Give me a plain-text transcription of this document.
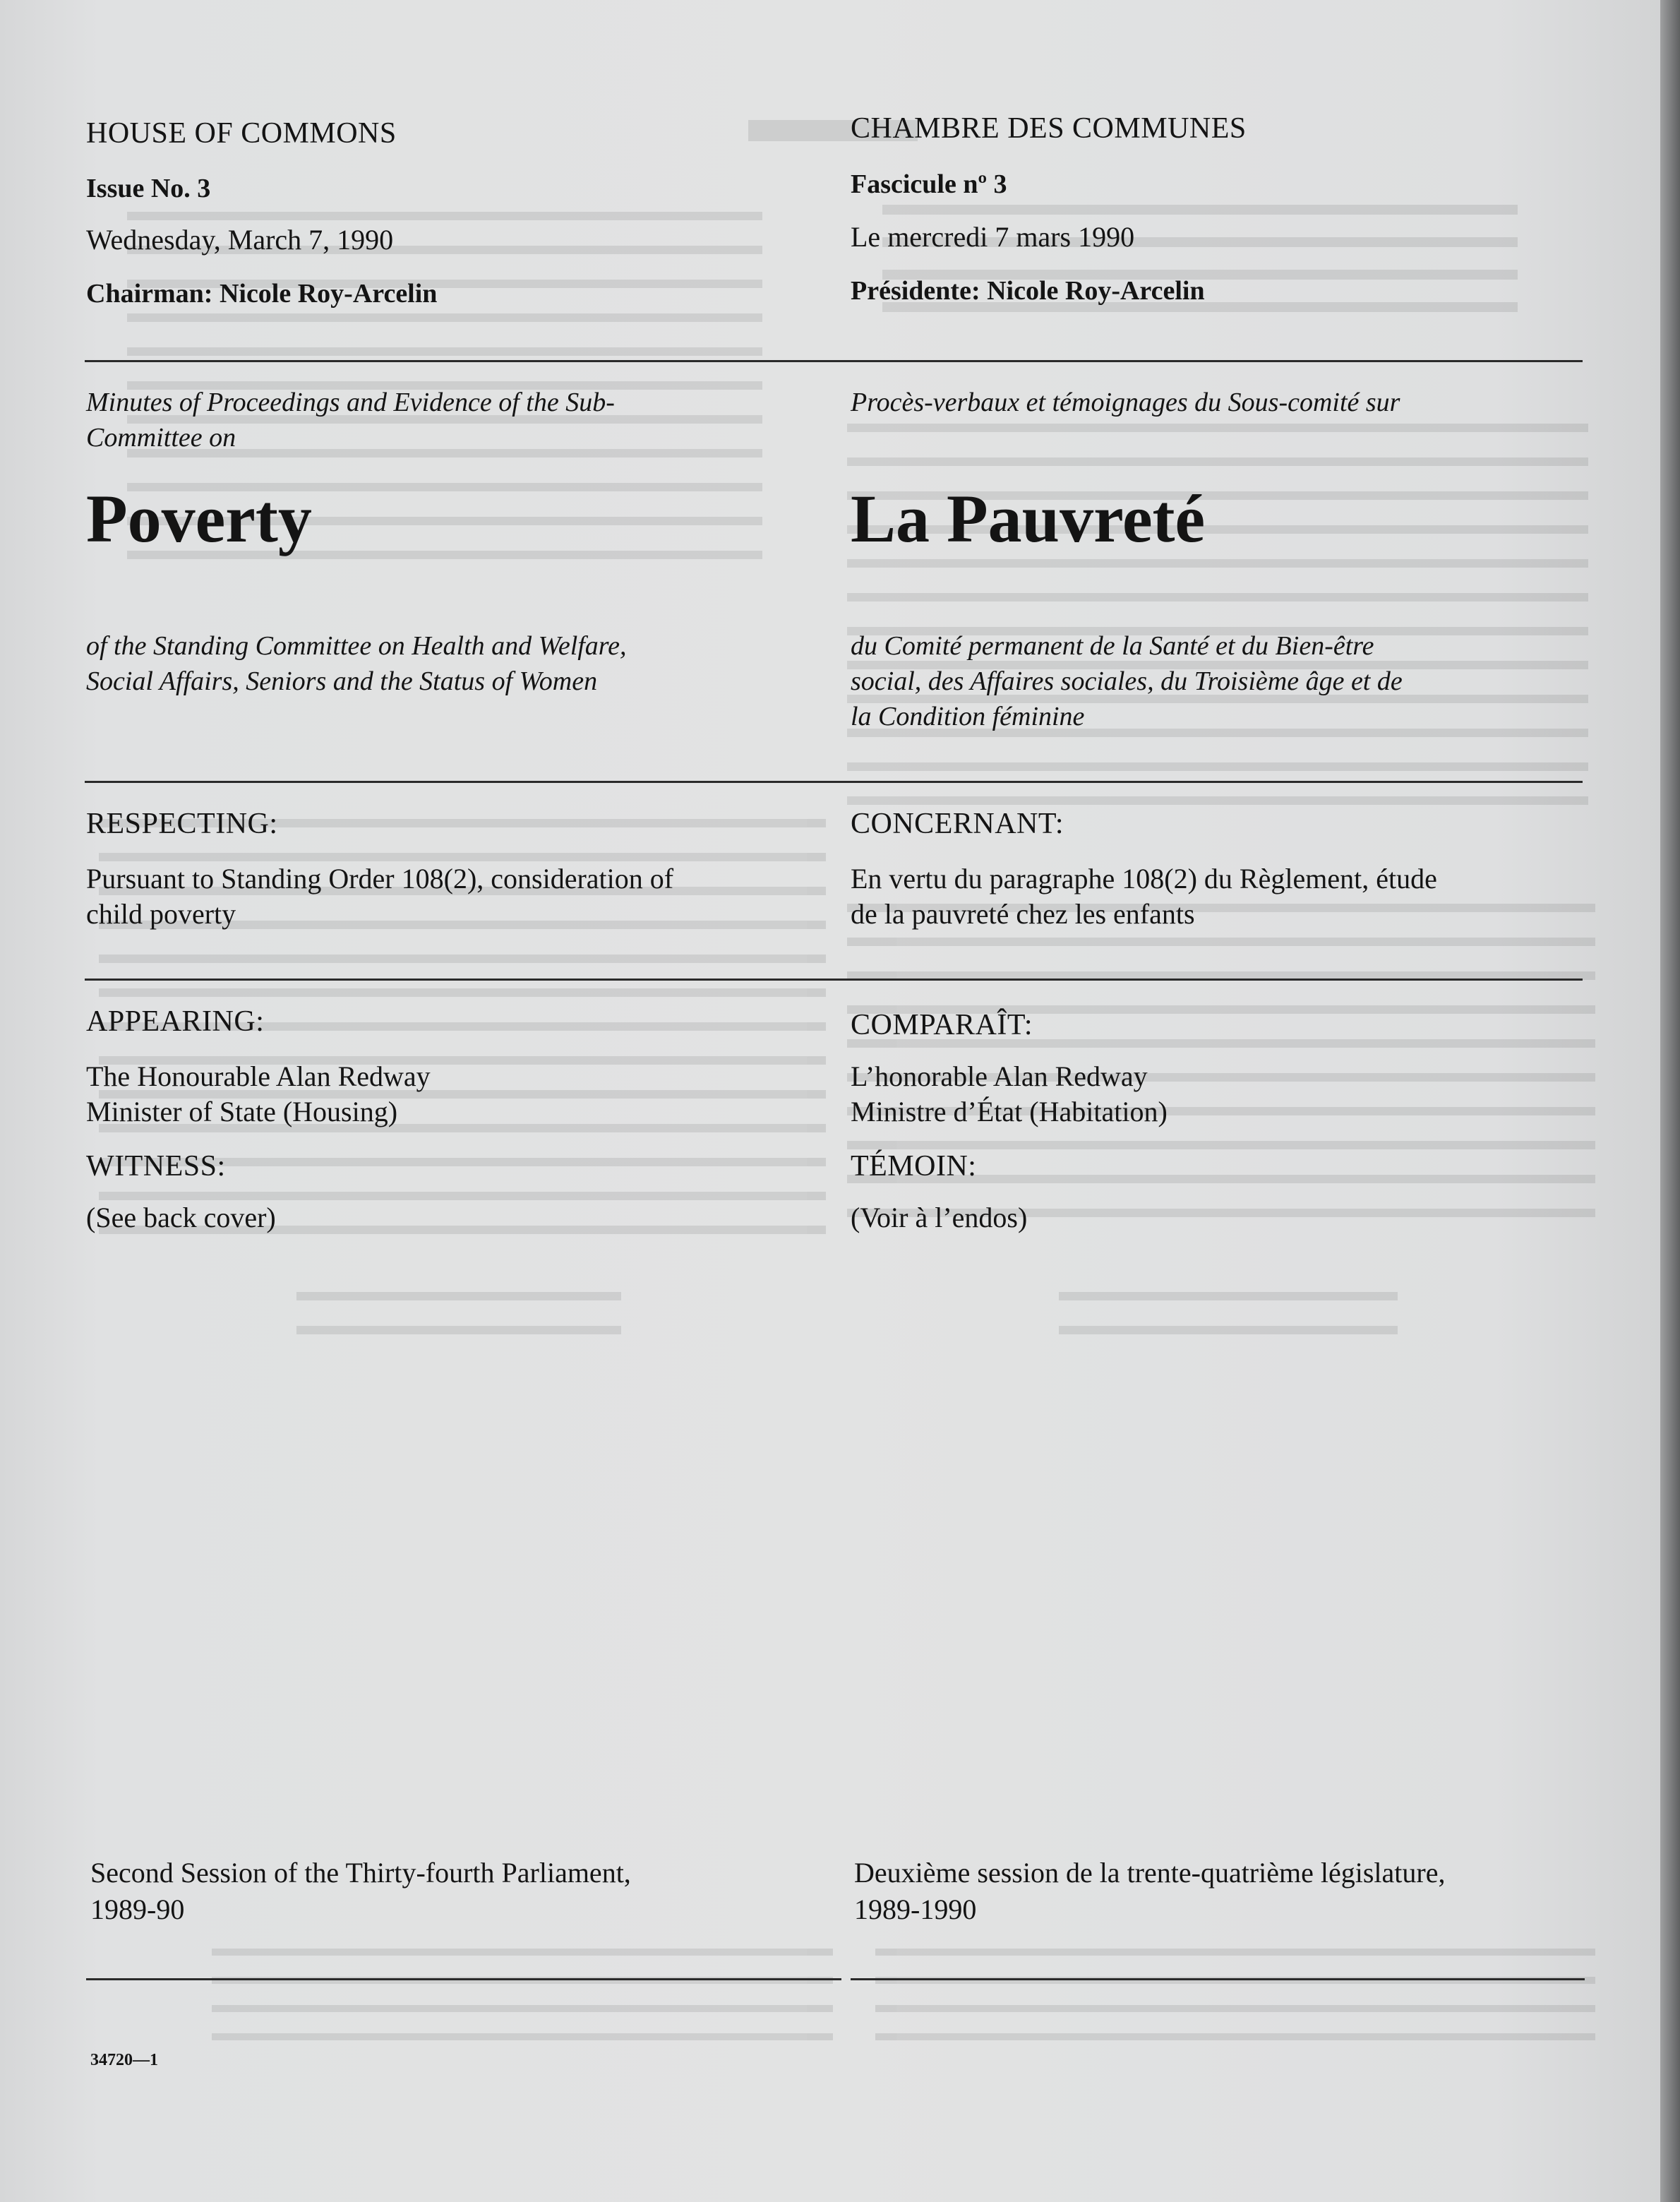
HOUSE OF COMMONS
Issue No. 3
Wednesday, March 7, 1990
Chairman: Nicole Roy-Arcelin
Minutes of Proceedings and Evidence of the Sub-
Committee on
Poverty
of the Standing Committee on Health and Welfare,
Social Affairs, Seniors and the Status of Women
RESPECTING:
Pursuant to Standing Order 108(2), consideration of
child poverty
APPEARING:
The Honourable Alan Redway
Minister of State (Housing)
WITNESS:
(See back cover)
Second Session of the Thirty-fourth Parliament,
1989-90
34720—1
CHAMBRE DES COMMUNES
Fascicule nº 3
Le mercredi 7 mars 1990
Présidente: Nicole Roy-Arcelin
Procès-verbaux et témoignages du Sous-comité sur
La Pauvreté
du Comité permanent de la Santé et du Bien-être
social, des Affaires sociales, du Troisième âge et de
la Condition féminine
CONCERNANT:
En vertu du paragraphe 108(2) du Règlement, étude
de la pauvreté chez les enfants
COMPARAÎT:
L’honorable Alan Redway
Ministre d’État (Habitation)
TÉMOIN:
(Voir à l’endos)
Deuxième session de la trente-quatrième législature,
1989-1990
